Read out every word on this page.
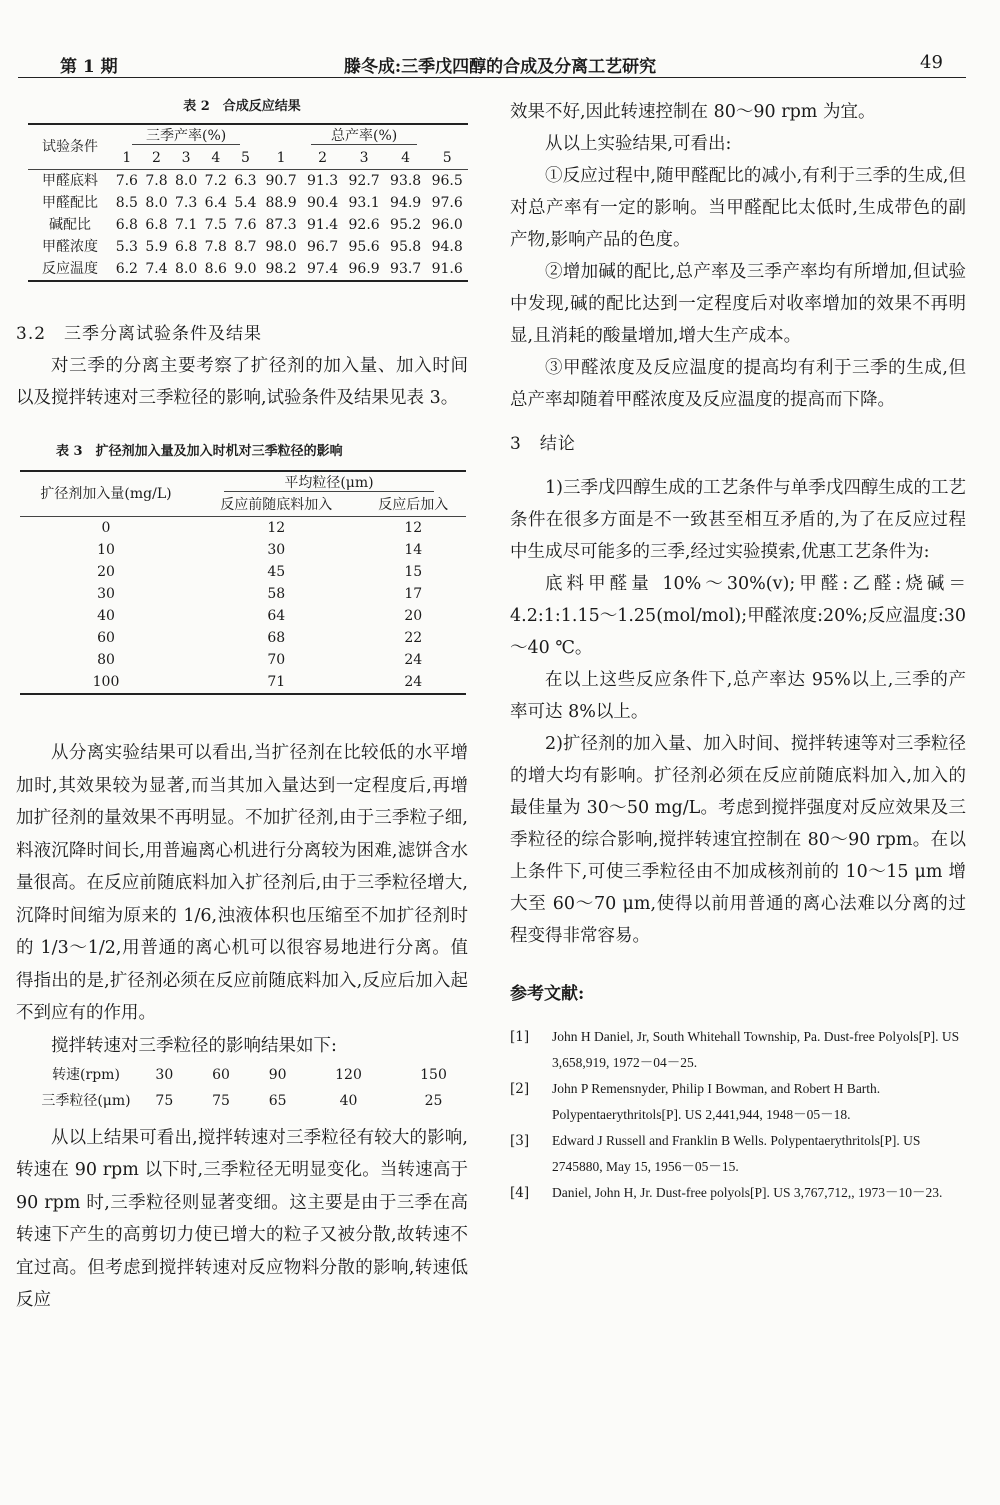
第 1 期	滕冬成:三季戊四醇的合成及分离工艺研究	49
表 2　合成反应结果
试验条件	三季产率(%)					总产率(%)				
	1	2	3	4	5	1	2	3	4	5
甲醛底料	7.6	7.8	8.0	7.2	6.3	90.7	91.3	92.7	93.8	96.5
甲醛配比	8.5	8.0	7.3	6.4	5.4	88.9	90.4	93.1	94.9	97.6
碱配比	6.8	6.8	7.1	7.5	7.6	87.3	91.4	92.6	95.2	96.0
甲醛浓度	5.3	5.9	6.8	7.8	8.7	98.0	96.7	95.6	95.8	94.8
反应温度	6.2	7.4	8.0	8.6	9.0	98.2	97.4	96.9	93.7	91.6
3.2　三季分离试验条件及结果

对三季的分离主要考察了扩径剂的加入量、加入时间以及搅拌转速对三季粒径的影响,试验条件及结果见表 3。

表 3　扩径剂加入量及加入时机对三季粒径的影响
扩径剂加入量(mg/L)	平均粒径(μm)	
	反应前随底料加入	反应后加入
0	12	12
10	30	14
20	45	15
30	58	17
40	64	20
60	68	22
80	70	24
100	71	24

从分离实验结果可以看出,当扩径剂在比较低的水平增加时,其效果较为显著,而当其加入量达到一定程度后,再增加扩径剂的量效果不再明显。不加扩径剂,由于三季粒子细,料液沉降时间长,用普遍离心机进行分离较为困难,滤饼含水量很高。在反应前随底料加入扩径剂后,由于三季粒径增大,沉降时间缩为原来的 1/6,浊液体积也压缩至不加扩径剂时的 1/3～1/2,用普通的离心机可以很容易地进行分离。值得指出的是,扩径剂必须在反应前随底料加入,反应后加入起不到应有的作用。

搅拌转速对三季粒径的影响结果如下:

转速(rpm)	30	60	90	120	150
三季粒径(μm)	75	75	65	40	25

从以上结果可看出,搅拌转速对三季粒径有较大的影响,转速在 90 rpm 以下时,三季粒径无明显变化。当转速高于 90 rpm 时,三季粒径则显著变细。这主要是由于三季在高转速下产生的高剪切力使已增大的粒子又被分散,故转速不宜过高。但考虑到搅拌转速对反应物料分散的影响,转速低反应

效果不好,因此转速控制在 80～90 rpm 为宜。

从以上实验结果,可看出:

①反应过程中,随甲醛配比的减小,有利于三季的生成,但对总产率有一定的影响。当甲醛配比太低时,生成带色的副产物,影响产品的色度。

②增加碱的配比,总产率及三季产率均有所增加,但试验中发现,碱的配比达到一定程度后对收率增加的效果不再明显,且消耗的酸量增加,增大生产成本。

③甲醛浓度及反应温度的提高均有利于三季的生成,但总产率却随着甲醛浓度及反应温度的提高而下降。

3　结论

1)三季戊四醇生成的工艺条件与单季戊四醇生成的工艺条件在很多方面是不一致甚至相互矛盾的,为了在反应过程中生成尽可能多的三季,经过实验摸索,优惠工艺条件为:

底料甲醛量 10%～30%(v);甲醛:乙醛:烧碱＝4.2:1:1.15～1.25(mol/mol);甲醛浓度:20%;反应温度:30～40 ℃。

在以上这些反应条件下,总产率达 95%以上,三季的产率可达 8%以上。

2)扩径剂的加入量、加入时间、搅拌转速等对三季粒径的增大均有影响。扩径剂必须在反应前随底料加入,加入的最佳量为 30～50 mg/L。考虑到搅拌强度对反应效果及三季粒径的综合影响,搅拌转速宜控制在 80～90 rpm。在以上条件下,可使三季粒径由不加成核剂前的 10～15 μm 增大至 60～70 μm,使得以前用普通的离心法难以分离的过程变得非常容易。

参考文献:
[1]	John H Daniel, Jr, South Whitehall Township, Pa. Dust-free Polyols[P]. US 3,658,919, 1972－04－25.
[2]	John P Remensnyder, Philip I Bowman, and Robert H Barth. Polypentaerythritols[P]. US 2,441,944, 1948－05－18.
[3]	Edward J Russell and Franklin B Wells. Polypentaerythritols[P]. US 2745880, May 15, 1956－05－15.
[4]	Daniel, John H, Jr. Dust-free polyols[P]. US 3,767,712,, 1973－10－23.
